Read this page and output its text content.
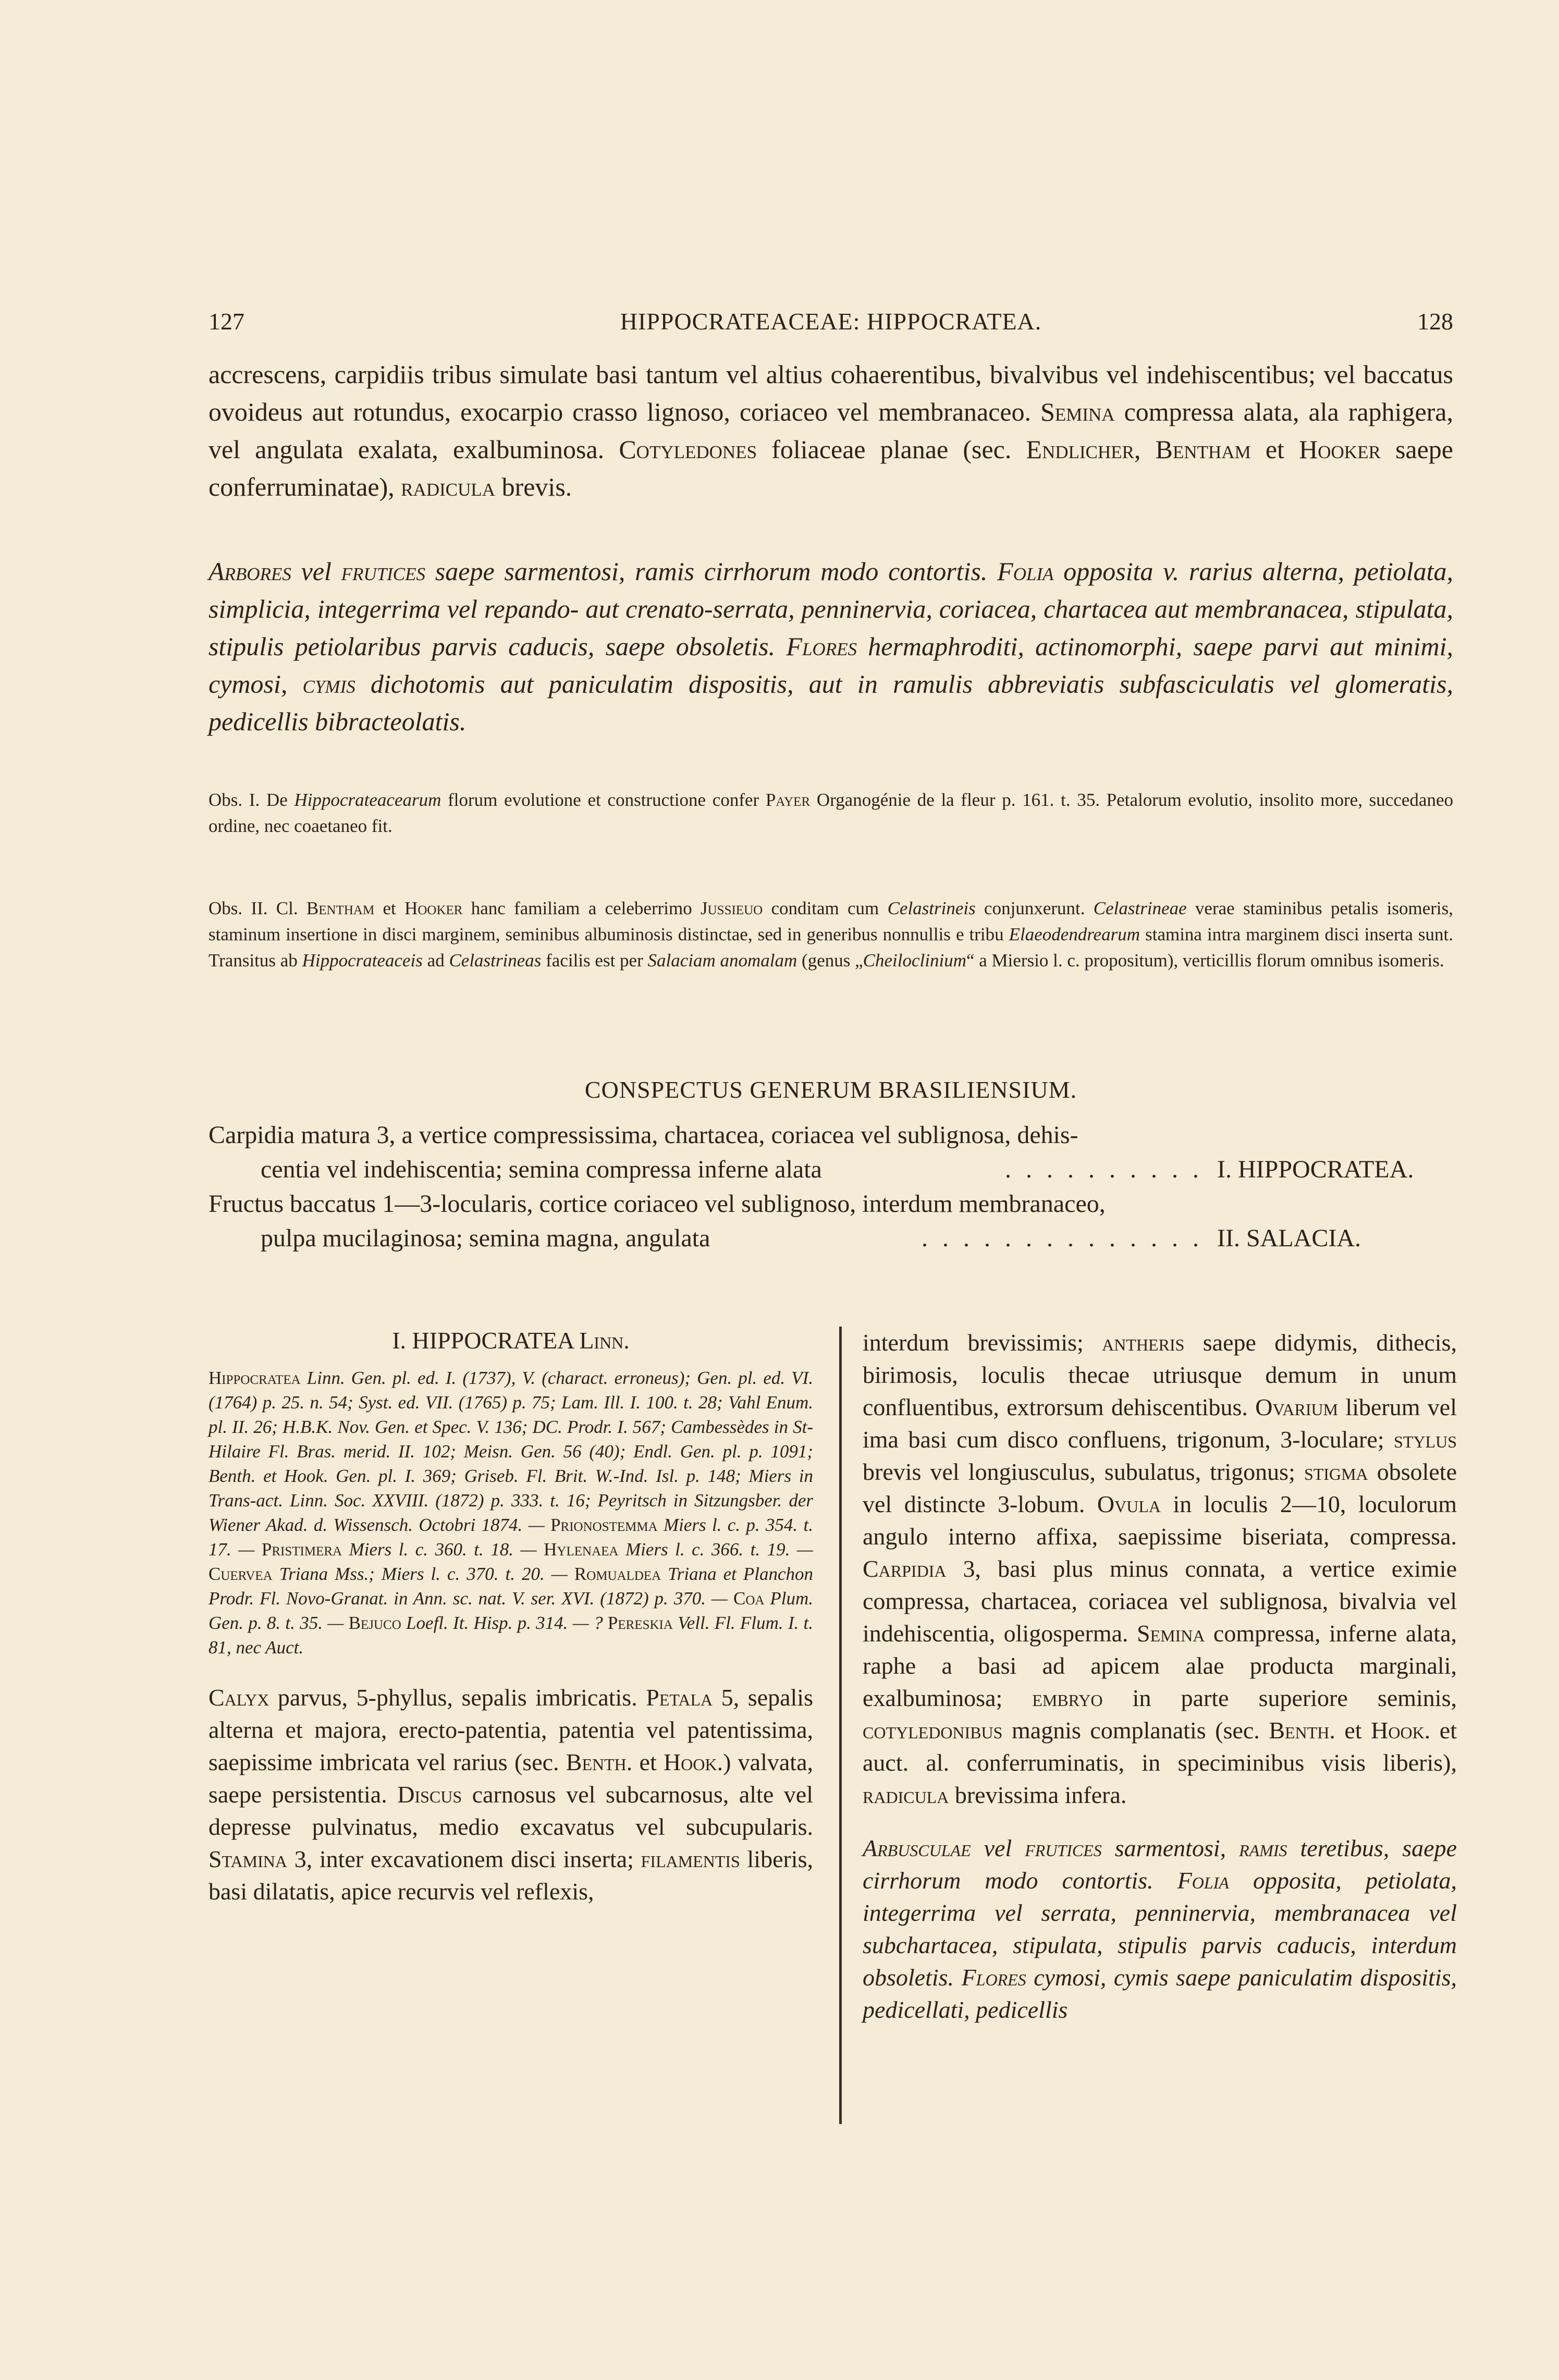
127	HIPPOCRATEACEAE: HIPPOCRATEA.	128
accrescens, carpidiis tribus simulate basi tantum vel altius cohaerentibus, bivalvibus vel indehiscentibus; vel baccatus ovoideus aut rotundus, exocarpio crasso lignoso, coriaceo vel membranaceo. Semina compressa alata, ala raphigera, vel angulata exalata, exalbuminosa. Cotyledones foliaceae planae (sec. Endlicher, Bentham et Hooker saepe conferruminatae), radicula brevis.
Arbores vel frutices saepe sarmentosi, ramis cirrhorum modo contortis. Folia opposita v. rarius alterna, petiolata, simplicia, integerrima vel repando- aut crenato-serrata, penninervia, coriacea, chartacea aut membranacea, stipulata, stipulis petiolaribus parvis caducis, saepe obsoletis. Flores hermaphroditi, actinomorphi, saepe parvi aut minimi, cymosi, cymis dichotomis aut paniculatim dispositis, aut in ramulis abbreviatis subfasciculatis vel glomeratis, pedicellis bibracteolatis.
Obs. I. De Hippocrateacearum florum evolutione et constructione confer Payer Organogénie de la fleur p. 161. t. 35. Petalorum evolutio, insolito more, succedaneo ordine, nec coaetaneo fit.
Obs. II. Cl. Bentham et Hooker hanc familiam a celeberrimo Jussieuo conditam cum Celastrineis conjunxerunt. Celastrineae verae staminibus petalis isomeris, staminum insertione in disci marginem, seminibus albuminosis distinctae, sed in generibus nonnullis e tribu Elaeodendrearum stamina intra marginem disci inserta sunt. Transitus ab Hippocrateaceis ad Celastrineas facilis est per Salaciam anomalam (genus „Cheiloclinium“ a Miersio l. c. propositum), verticillis florum omnibus isomeris.
CONSPECTUS GENERUM BRASILIENSIUM.
Carpidia matura 3, a vertice compressissima, chartacea, coriacea vel sublignosa, dehis-
centia vel indehiscentia; semina compressa inferne alata	. . . . . . . . . . I. HIPPOCRATEA.
Fructus baccatus 1—3-locularis, cortice coriaceo vel sublignoso, interdum membranaceo,
pulpa mucilaginosa; semina magna, angulata	. . . . . . . . . . . . . . II. SALACIA.
I. HIPPOCRATEA Linn.
Hippocratea Linn. Gen. pl. ed. I. (1737), V. (charact. erroneus); Gen. pl. ed. VI. (1764) p. 25. n. 54; Syst. ed. VII. (1765) p. 75; Lam. Ill. I. 100. t. 28; Vahl Enum. pl. II. 26; H.B.K. Nov. Gen. et Spec. V. 136; DC. Prodr. I. 567; Cambessèdes in St-Hilaire Fl. Bras. merid. II. 102; Meisn. Gen. 56 (40); Endl. Gen. pl. p. 1091; Benth. et Hook. Gen. pl. I. 369; Griseb. Fl. Brit. W.-Ind. Isl. p. 148; Miers in Trans-act. Linn. Soc. XXVIII. (1872) p. 333. t. 16; Peyritsch in Sitzungsber. der Wiener Akad. d. Wissensch. Octobri 1874. — Prionostemma Miers l. c. p. 354. t. 17. — Pristimera Miers l. c. 360. t. 18. — Hylenaea Miers l. c. 366. t. 19. — Cuervea Triana Mss.; Miers l. c. 370. t. 20. — Romualdea Triana et Planchon Prodr. Fl. Novo-Granat. in Ann. sc. nat. V. ser. XVI. (1872) p. 370. — Coa Plum. Gen. p. 8. t. 35. — Bejuco Loefl. It. Hisp. p. 314. — ? Pereskia Vell. Fl. Flum. I. t. 81, nec Auct.
Calyx parvus, 5-phyllus, sepalis imbricatis. Petala 5, sepalis alterna et majora, erecto-patentia, patentia vel patentissima, saepissime imbricata vel rarius (sec. Benth. et Hook.) valvata, saepe persistentia. Discus carnosus vel subcarnosus, alte vel depresse pulvinatus, medio excavatus vel subcupularis. Stamina 3, inter excavationem disci inserta; filamentis liberis, basi dilatatis, apice recurvis vel reflexis,
interdum brevissimis; antheris saepe didymis, dithecis, birimosis, loculis thecae utriusque demum in unum confluentibus, extrorsum dehiscentibus. Ovarium liberum vel ima basi cum disco confluens, trigonum, 3-loculare; stylus brevis vel longiusculus, subulatus, trigonus; stigma obsolete vel distincte 3-lobum. Ovula in loculis 2—10, loculorum angulo interno affixa, saepissime biseriata, compressa. Carpidia 3, basi plus minus connata, a vertice eximie compressa, chartacea, coriacea vel sublignosa, bivalvia vel indehiscentia, oligosperma. Semina compressa, inferne alata, raphe a basi ad apicem alae producta marginali, exalbuminosa; embryo in parte superiore seminis, cotyledonibus magnis complanatis (sec. Benth. et Hook. et auct. al. conferruminatis, in speciminibus visis liberis), radicula brevissima infera.
Arbusculae vel frutices sarmentosi, ramis teretibus, saepe cirrhorum modo contortis. Folia opposita, petiolata, integerrima vel serrata, penninervia, membranacea vel subchartacea, stipulata, stipulis parvis caducis, interdum obsoletis. Flores cymosi, cymis saepe paniculatim dispositis, pedicellati, pedicellis
